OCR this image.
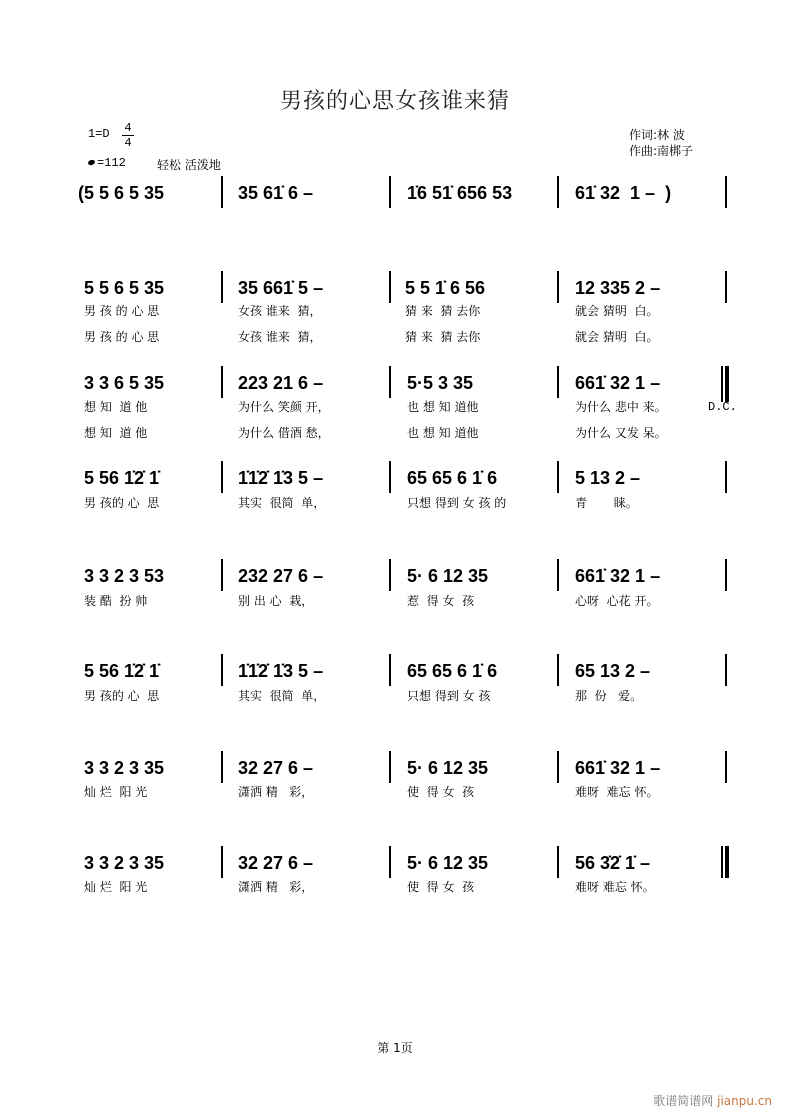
男孩的心思女孩谁来猜
1=D 4
4
=112	轻松 活泼地
作词:林 波
作曲:南梆子
(5 5 6 5 35	35 61̇ 6 –	1̇6 51̇ 656 53	61̇ 32  1 –  )
5 5 6 5 35	35 661̇ 5 –	5 5 1̇ 6 56	12 335 2 –
男 孩 的 心 思	女孩 谁来  猜，	猜 来  猜 去你	就会 猜明  白。
男 孩 的 心 思	女孩 谁来  猜，	猜 来  猜 去你	就会 猜明  白。
3 3 6 5 35	223 21 6 –	5·5 3 35	661̇ 32 1 –
想 知  道 他	为什么 笑颜 开，	也 想 知 道他	为什么 悲中 来。	D.C.
想 知  道 他	为什么 借酒 愁，	也 想 知 道他	为什么 又发 呆。
5 56 1̇2̇ 1̇	1̇1̇2̇ 1̇3 5 –	65 65 6 1̇ 6	5 13 2 –
男 孩的 心  思	其实  很简  单，	只想 得到 女 孩 的	青       睐。
3 3 2 3 53	232 27 6 –	5· 6 12 35	661̇ 32 1 –
装 酷  扮 帅	别 出 心  栽，	惹  得 女  孩	心呀  心花 开。
5 56 1̇2̇ 1̇	1̇1̇2̇ 1̇3 5 –	65 65 6 1̇ 6	65 13 2 –
男 孩的 心  思	其实  很简  单，	只想 得到 女 孩	那  份   爱。
3 3 2 3 35	32 27 6 –	5· 6 12 35	661̇ 32 1 –
灿 烂  阳 光	潇洒 精   彩，	使  得 女  孩	难呀  难忘 怀。
3 3 2 3 35	32 27 6 –	5· 6 12 35	56 3̇2̇ 1̇ –
灿 烂  阳 光	潇洒 精   彩，	使  得 女  孩	难呀 难忘 怀。
第 1页
歌谱简谱网 jianpu.cn
